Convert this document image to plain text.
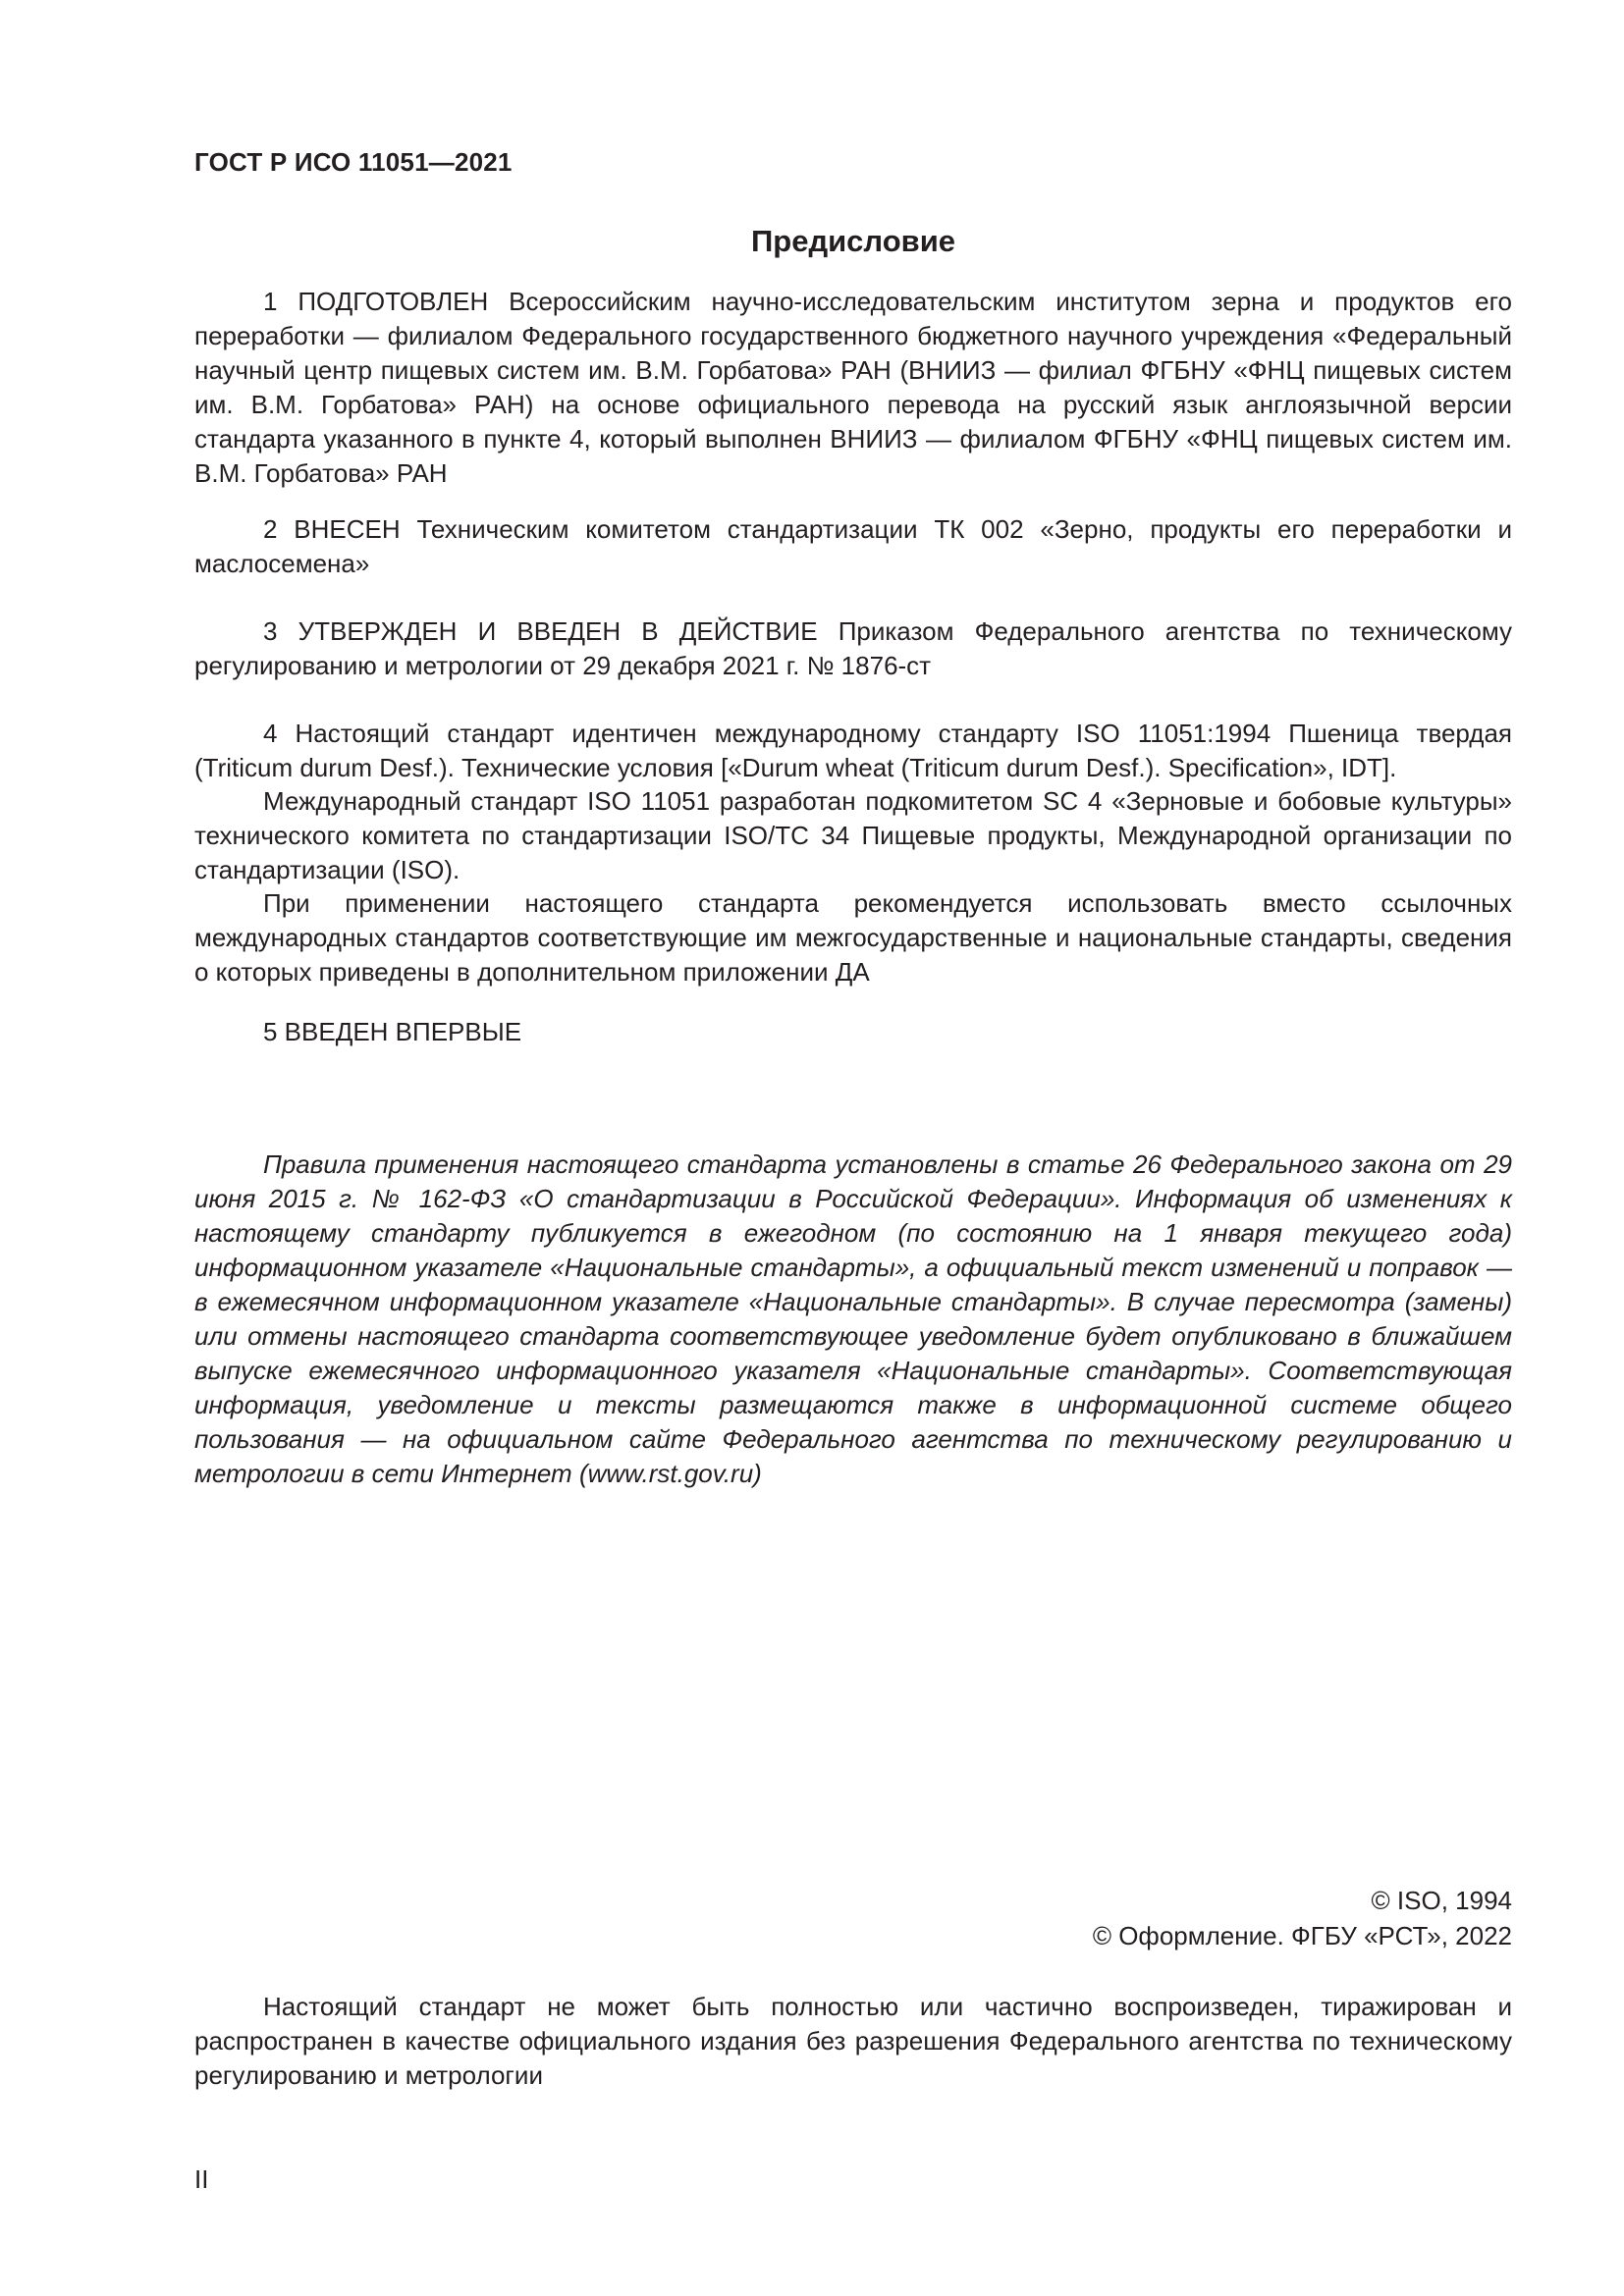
ГОСТ Р ИСО 11051—2021

Предисловие

1 ПОДГОТОВЛЕН Всероссийским научно-исследовательским институтом зерна и продуктов его переработки — филиалом Федерального государственного бюджетного научного учреждения «Федеральный научный центр пищевых систем им. В.М. Горбатова» РАН (ВНИИЗ — филиал ФГБНУ «ФНЦ пищевых систем им. В.М. Горбатова» РАН) на основе официального перевода на русский язык англоязычной версии стандарта указанного в пункте 4, который выполнен ВНИИЗ — филиалом ФГБНУ «ФНЦ пищевых систем им. В.М. Горбатова» РАН

2 ВНЕСЕН Техническим комитетом стандартизации ТК 002 «Зерно, продукты его переработки и маслосемена»

3 УТВЕРЖДЕН И ВВЕДЕН В ДЕЙСТВИЕ Приказом Федерального агентства по техническому регулированию и метрологии от 29 декабря 2021 г. № 1876-ст

4 Настоящий стандарт идентичен международному стандарту ISO 11051:1994 Пшеница твердая (Triticum durum Desf.). Технические условия [«Durum wheat (Triticum durum Desf.). Specification», IDT].

Международный стандарт ISO 11051 разработан подкомитетом SC 4 «Зерновые и бобовые культуры» технического комитета по стандартизации ISO/TC 34 Пищевые продукты, Международной организации по стандартизации (ISO).

При применении настоящего стандарта рекомендуется использовать вместо ссылочных международных стандартов соответствующие им межгосударственные и национальные стандарты, сведения о которых приведены в дополнительном приложении ДА

5 ВВЕДЕН ВПЕРВЫЕ

Правила применения настоящего стандарта установлены в статье 26 Федерального закона от 29 июня 2015 г. № 162-ФЗ «О стандартизации в Российской Федерации». Информация об изменениях к настоящему стандарту публикуется в ежегодном (по состоянию на 1 января текущего года) информационном указателе «Национальные стандарты», а официальный текст изменений и поправок — в ежемесячном информационном указателе «Национальные стандарты». В случае пересмотра (замены) или отмены настоящего стандарта соответствующее уведомление будет опубликовано в ближайшем выпуске ежемесячного информационного указателя «Национальные стандарты». Соответствующая информация, уведомление и тексты размещаются также в информационной системе общего пользования — на официальном сайте Федерального агентства по техническому регулированию и метрологии в сети Интернет (www.rst.gov.ru)

© ISO, 1994

© Оформление. ФГБУ «РСТ», 2022

Настоящий стандарт не может быть полностью или частично воспроизведен, тиражирован и распространен в качестве официального издания без разрешения Федерального агентства по техническому регулированию и метрологии

II
